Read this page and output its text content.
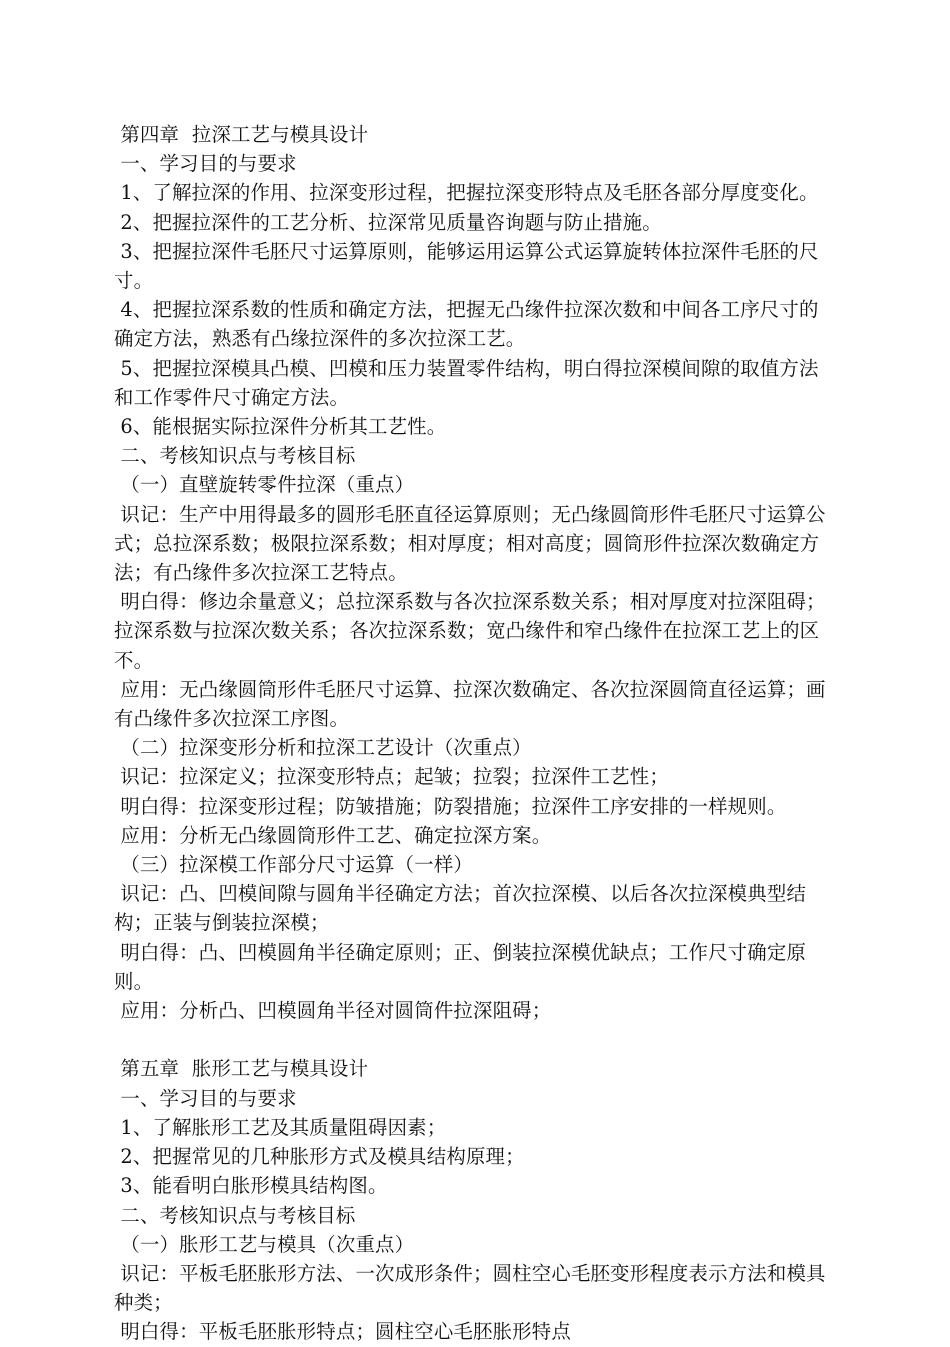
第四章  拉深工艺与模具设计

一、学习目的与要求

1、了解拉深的作用、拉深变形过程，把握拉深变形特点及毛胚各部分厚度变化。

2、把握拉深件的工艺分析、拉深常见质量咨询题与防止措施。

3、把握拉深件毛胚尺寸运算原则，能够运用运算公式运算旋转体拉深件毛胚的尺寸。

4、把握拉深系数的性质和确定方法，把握无凸缘件拉深次数和中间各工序尺寸的确定方法，熟悉有凸缘拉深件的多次拉深工艺。

5、把握拉深模具凸模、凹模和压力装置零件结构，明白得拉深模间隙的取值方法和工作零件尺寸确定方法。

6、能根据实际拉深件分析其工艺性。

二、考核知识点与考核目标

（一）直壁旋转零件拉深（重点）

识记：生产中用得最多的圆形毛胚直径运算原则；无凸缘圆筒形件毛胚尺寸运算公式；总拉深系数；极限拉深系数；相对厚度；相对高度；圆筒形件拉深次数确定方法；有凸缘件多次拉深工艺特点。

明白得：修边余量意义；总拉深系数与各次拉深系数关系；相对厚度对拉深阻碍；拉深系数与拉深次数关系；各次拉深系数；宽凸缘件和窄凸缘件在拉深工艺上的区不。

应用：无凸缘圆筒形件毛胚尺寸运算、拉深次数确定、各次拉深圆筒直径运算；画有凸缘件多次拉深工序图。

（二）拉深变形分析和拉深工艺设计（次重点）

识记：拉深定义；拉深变形特点；起皱；拉裂；拉深件工艺性；

明白得：拉深变形过程；防皱措施；防裂措施；拉深件工序安排的一样规则。

应用：分析无凸缘圆筒形件工艺、确定拉深方案。

（三）拉深模工作部分尺寸运算（一样）

识记：凸、凹模间隙与圆角半径确定方法；首次拉深模、以后各次拉深模典型结构；正装与倒装拉深模；

明白得：凸、凹模圆角半径确定原则；正、倒装拉深模优缺点；工作尺寸确定原则。

应用：分析凸、凹模圆角半径对圆筒件拉深阻碍；

第五章  胀形工艺与模具设计

一、学习目的与要求

1、了解胀形工艺及其质量阻碍因素；

2、把握常见的几种胀形方式及模具结构原理；

3、能看明白胀形模具结构图。

二、考核知识点与考核目标

（一）胀形工艺与模具（次重点）

识记：平板毛胚胀形方法、一次成形条件；圆柱空心毛胚变形程度表示方法和模具种类；

明白得：平板毛胚胀形特点；圆柱空心毛胚胀形特点
